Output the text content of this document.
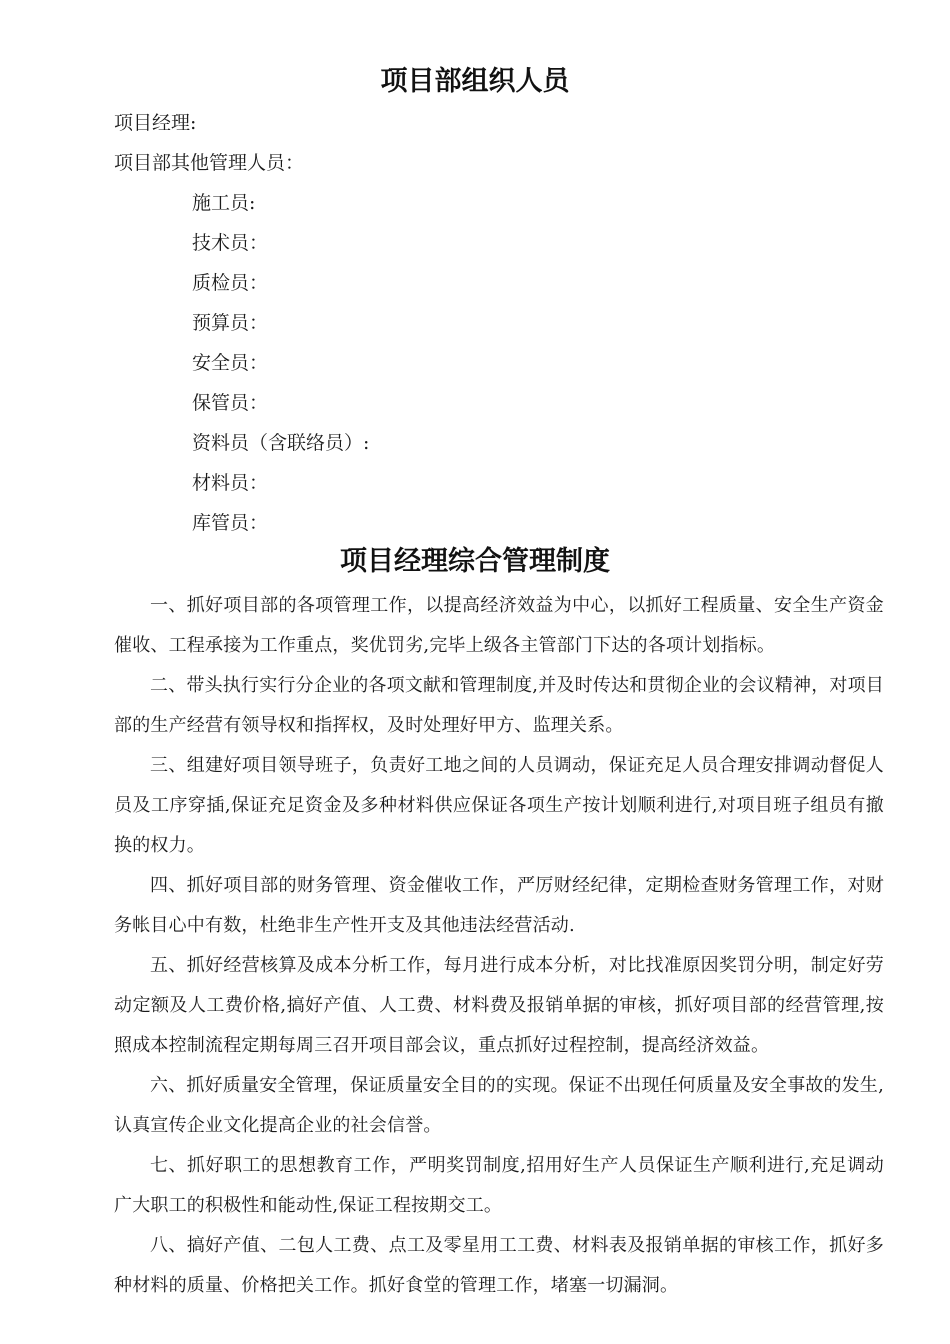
项目部组织人员

项目经理:

项目部其他管理人员：

施工员:

技术员：

质检员：

预算员：

安全员：

保管员：

资料员（含联络员）:

材料员：

库管员：

项目经理综合管理制度

一、抓好项目部的各项管理工作，以提高经济效益为中心，以抓好工程质量、安全生产资金催收、工程承接为工作重点，奖优罚劣,完毕上级各主管部门下达的各项计划指标。

二、带头执行实行分企业的各项文献和管理制度,并及时传达和贯彻企业的会议精神，对项目部的生产经营有领导权和指挥权，及时处理好甲方、监理关系。

三、组建好项目领导班子，负责好工地之间的人员调动，保证充足人员合理安排调动督促人员及工序穿插,保证充足资金及多种材料供应保证各项生产按计划顺利进行,对项目班子组员有撤换的权力。

四、抓好项目部的财务管理、资金催收工作，严厉财经纪律，定期检查财务管理工作，对财务帐目心中有数，杜绝非生产性开支及其他违法经营活动.

五、抓好经营核算及成本分析工作，每月进行成本分析，对比找准原因奖罚分明，制定好劳动定额及人工费价格,搞好产值、人工费、材料费及报销单据的审核，抓好项目部的经营管理,按照成本控制流程定期每周三召开项目部会议，重点抓好过程控制，提高经济效益。

六、抓好质量安全管理，保证质量安全目的的实现。保证不出现任何质量及安全事故的发生,认真宣传企业文化提高企业的社会信誉。

七、抓好职工的思想教育工作，严明奖罚制度,招用好生产人员保证生产顺利进行,充足调动广大职工的积极性和能动性,保证工程按期交工。

八、搞好产值、二包人工费、点工及零星用工工费、材料表及报销单据的审核工作，抓好多种材料的质量、价格把关工作。抓好食堂的管理工作，堵塞一切漏洞。
